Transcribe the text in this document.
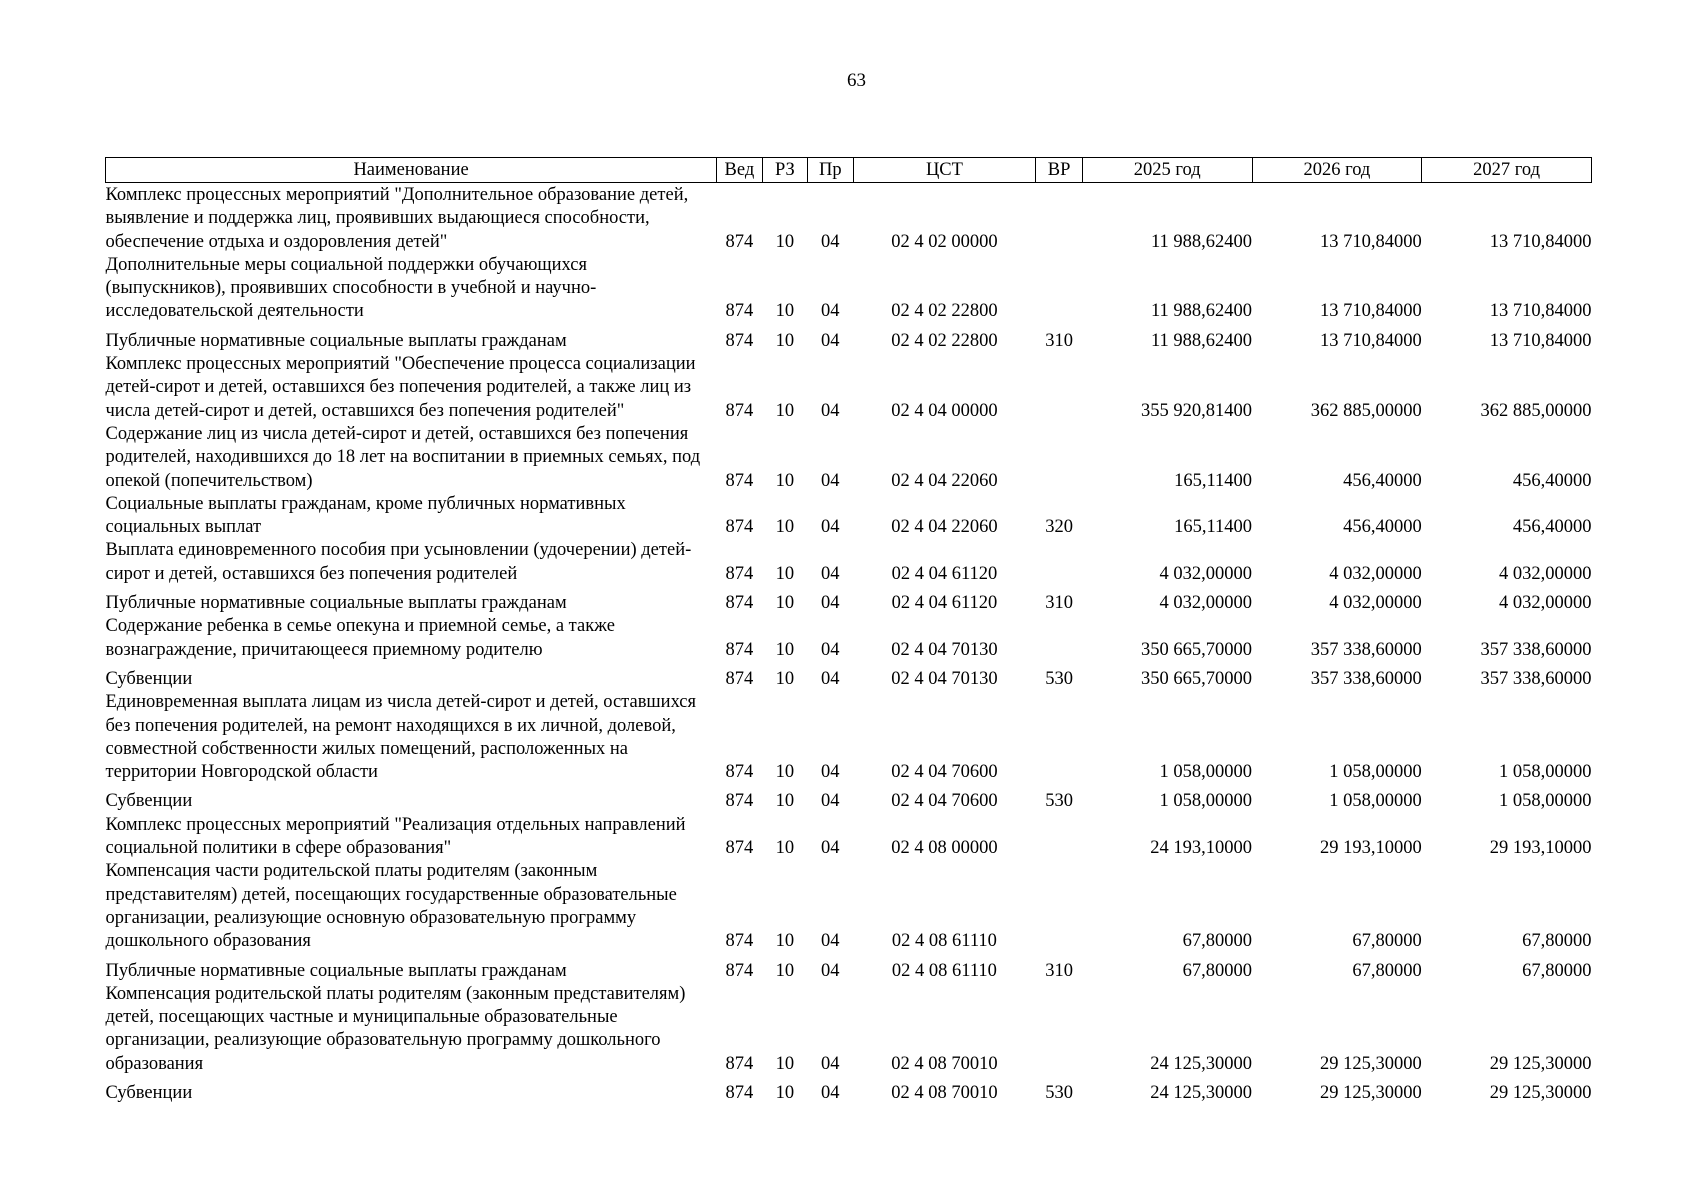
63
Наименование	Вед	РЗ	Пр	ЦСТ	ВР	2025 год	2026 год	2027 год
Комплекс процессных мероприятий "Дополнительное образование детей, выявление и поддержка лиц, проявивших выдающиеся способности, обеспечение отдыха и оздоровления детей"	874	10	04	02 4 02 00000		11 988,62400	13 710,84000	13 710,84000
Дополнительные меры социальной поддержки обучающихся (выпускников), проявивших способности в учебной и научно-исследовательской деятельности	874	10	04	02 4 02 22800		11 988,62400	13 710,84000	13 710,84000
Публичные нормативные социальные выплаты гражданам	874	10	04	02 4 02 22800	310	11 988,62400	13 710,84000	13 710,84000
Комплекс процессных мероприятий "Обеспечение процесса социализации детей-сирот и детей, оставшихся без попечения родителей, а также лиц из числа детей-сирот и детей, оставшихся без попечения родителей"	874	10	04	02 4 04 00000		355 920,81400	362 885,00000	362 885,00000
Содержание лиц из числа детей-сирот и детей, оставшихся без попечения родителей, находившихся до 18 лет на воспитании в приемных семьях, под опекой (попечительством)	874	10	04	02 4 04 22060		165,11400	456,40000	456,40000
Социальные выплаты гражданам, кроме публичных нормативных социальных выплат	874	10	04	02 4 04 22060	320	165,11400	456,40000	456,40000
Выплата единовременного пособия при усыновлении (удочерении) детей-сирот и детей, оставшихся без попечения родителей	874	10	04	02 4 04 61120		4 032,00000	4 032,00000	4 032,00000
Публичные нормативные социальные выплаты гражданам	874	10	04	02 4 04 61120	310	4 032,00000	4 032,00000	4 032,00000
Содержание ребенка в семье опекуна и приемной семье, а также вознаграждение, причитающееся приемному родителю	874	10	04	02 4 04 70130		350 665,70000	357 338,60000	357 338,60000
Субвенции	874	10	04	02 4 04 70130	530	350 665,70000	357 338,60000	357 338,60000
Единовременная выплата лицам из числа детей-сирот и детей, оставшихся без попечения родителей, на ремонт находящихся в их личной, долевой, совместной собственности жилых помещений, расположенных на территории Новгородской области	874	10	04	02 4 04 70600		1 058,00000	1 058,00000	1 058,00000
Субвенции	874	10	04	02 4 04 70600	530	1 058,00000	1 058,00000	1 058,00000
Комплекс процессных мероприятий "Реализация отдельных направлений социальной политики в сфере образования"	874	10	04	02 4 08 00000		24 193,10000	29 193,10000	29 193,10000
Компенсация части родительской платы родителям (законным представителям) детей, посещающих государственные образовательные организации, реализующие основную образовательную программу дошкольного образования	874	10	04	02 4 08 61110		67,80000	67,80000	67,80000
Публичные нормативные социальные выплаты гражданам	874	10	04	02 4 08 61110	310	67,80000	67,80000	67,80000
Компенсация родительской платы родителям (законным представителям) детей, посещающих частные и муниципальные образовательные организации, реализующие образовательную программу дошкольного образования	874	10	04	02 4 08 70010		24 125,30000	29 125,30000	29 125,30000
Субвенции	874	10	04	02 4 08 70010	530	24 125,30000	29 125,30000	29 125,30000
